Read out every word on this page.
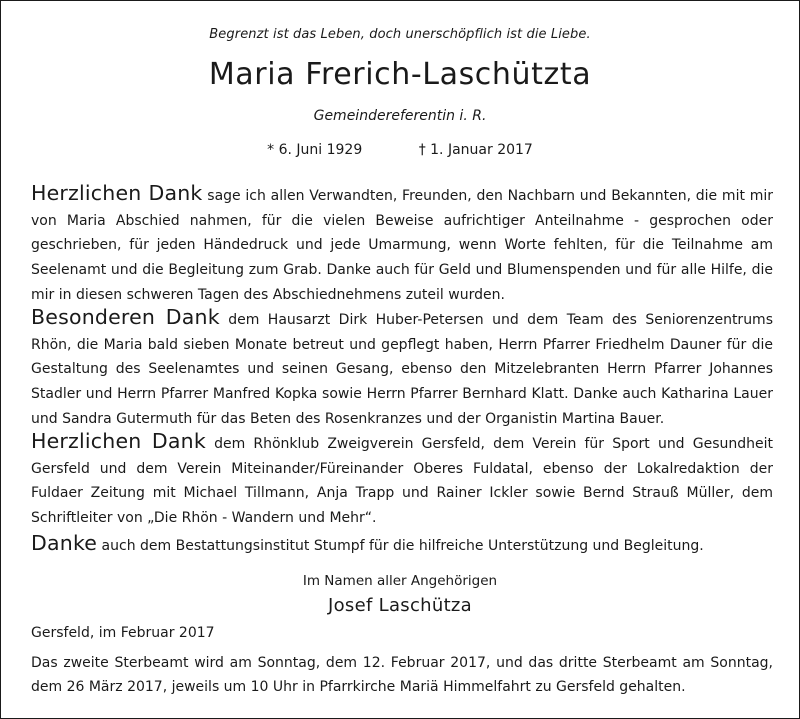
Begrenzt ist das Leben, doch unerschöpflich ist die Liebe.
Maria Frerich-Laschützta
Gemeindereferentin i. R.
* 6. Juni 1929	† 1. Januar 2017
Herzlichen Dank sage ich allen Verwandten, Freunden, den Nachbarn und Bekannten, die mit mir von Maria Abschied nahmen, für die vielen Beweise aufrichtiger Anteilnahme - gesprochen oder geschrieben, für jeden Händedruck und jede Umarmung, wenn Worte fehlten, für die Teilnahme am Seelenamt und die Begleitung zum Grab. Danke auch für Geld und Blumenspenden und für alle Hilfe, die mir in diesen schweren Tagen des Abschiednehmens zuteil wurden.
Besonderen Dank dem Hausarzt Dirk Huber-Petersen und dem Team des Seniorenzentrums Rhön, die Maria bald sieben Monate betreut und gepflegt haben, Herrn Pfarrer Friedhelm Dauner für die Gestaltung des Seelenamtes und seinen Gesang, ebenso den Mitzelebranten Herrn Pfarrer Johannes Stadler und Herrn Pfarrer Manfred Kopka sowie Herrn Pfarrer Bernhard Klatt. Danke auch Katharina Lauer und Sandra Gutermuth für das Beten des Rosenkranzes und der Organistin Martina Bauer.
Herzlichen Dank dem Rhönklub Zweigverein Gersfeld, dem Verein für Sport und Gesundheit Gersfeld und dem Verein Miteinander/Füreinander Oberes Fuldatal, ebenso der Lokalredaktion der Fuldaer Zeitung mit Michael Tillmann, Anja Trapp und Rainer Ickler sowie Bernd Strauß Müller, dem Schriftleiter von „Die Rhön - Wandern und Mehr“.
Danke auch dem Bestattungsinstitut Stumpf für die hilfreiche Unterstützung und Begleitung.
Im Namen aller Angehörigen
Josef Laschütza
Gersfeld, im Februar 2017
Das zweite Sterbeamt wird am Sonntag, dem 12. Februar 2017, und das dritte Sterbeamt am Sonntag, dem 26 März 2017, jeweils um 10 Uhr in Pfarrkirche Mariä Himmelfahrt zu Gersfeld gehalten.
